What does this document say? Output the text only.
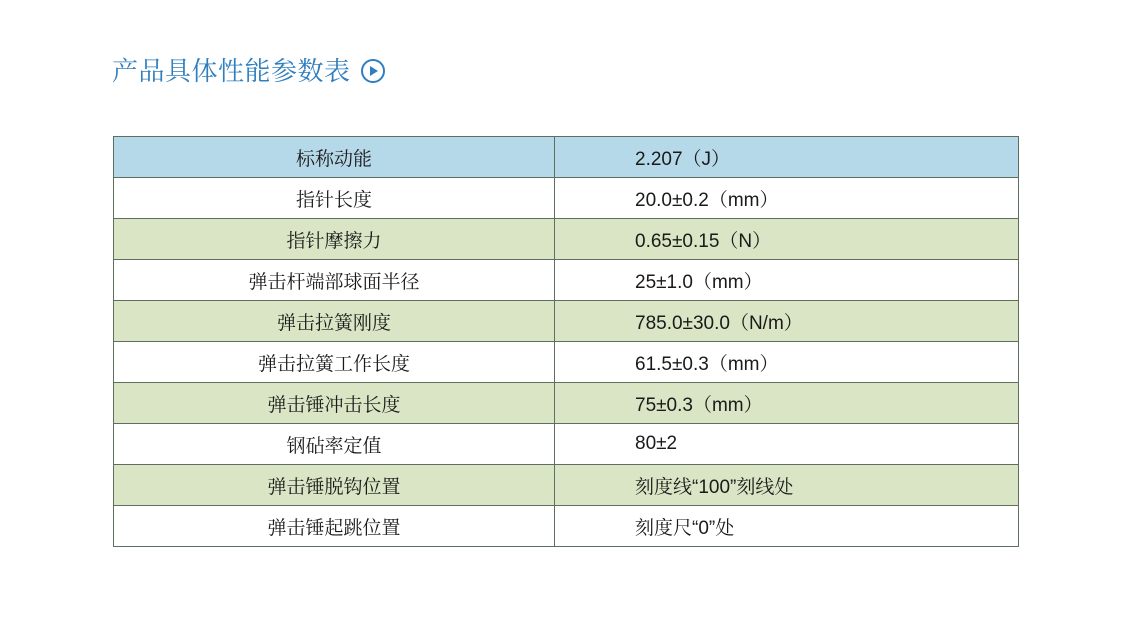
产品具体性能参数表
标称动能	2.207（J）
指针长度	20.0±0.2（mm）
指针摩擦力	0.65±0.15（N）
弹击杆端部球面半径	25±1.0（mm）
弹击拉簧刚度	785.0±30.0（N/m）
弹击拉簧工作长度	61.5±0.3（mm）
弹击锤冲击长度	75±0.3（mm）
钢砧率定值	80±2
弹击锤脱钩位置	刻度线“100”刻线处
弹击锤起跳位置	刻度尺“0”处
